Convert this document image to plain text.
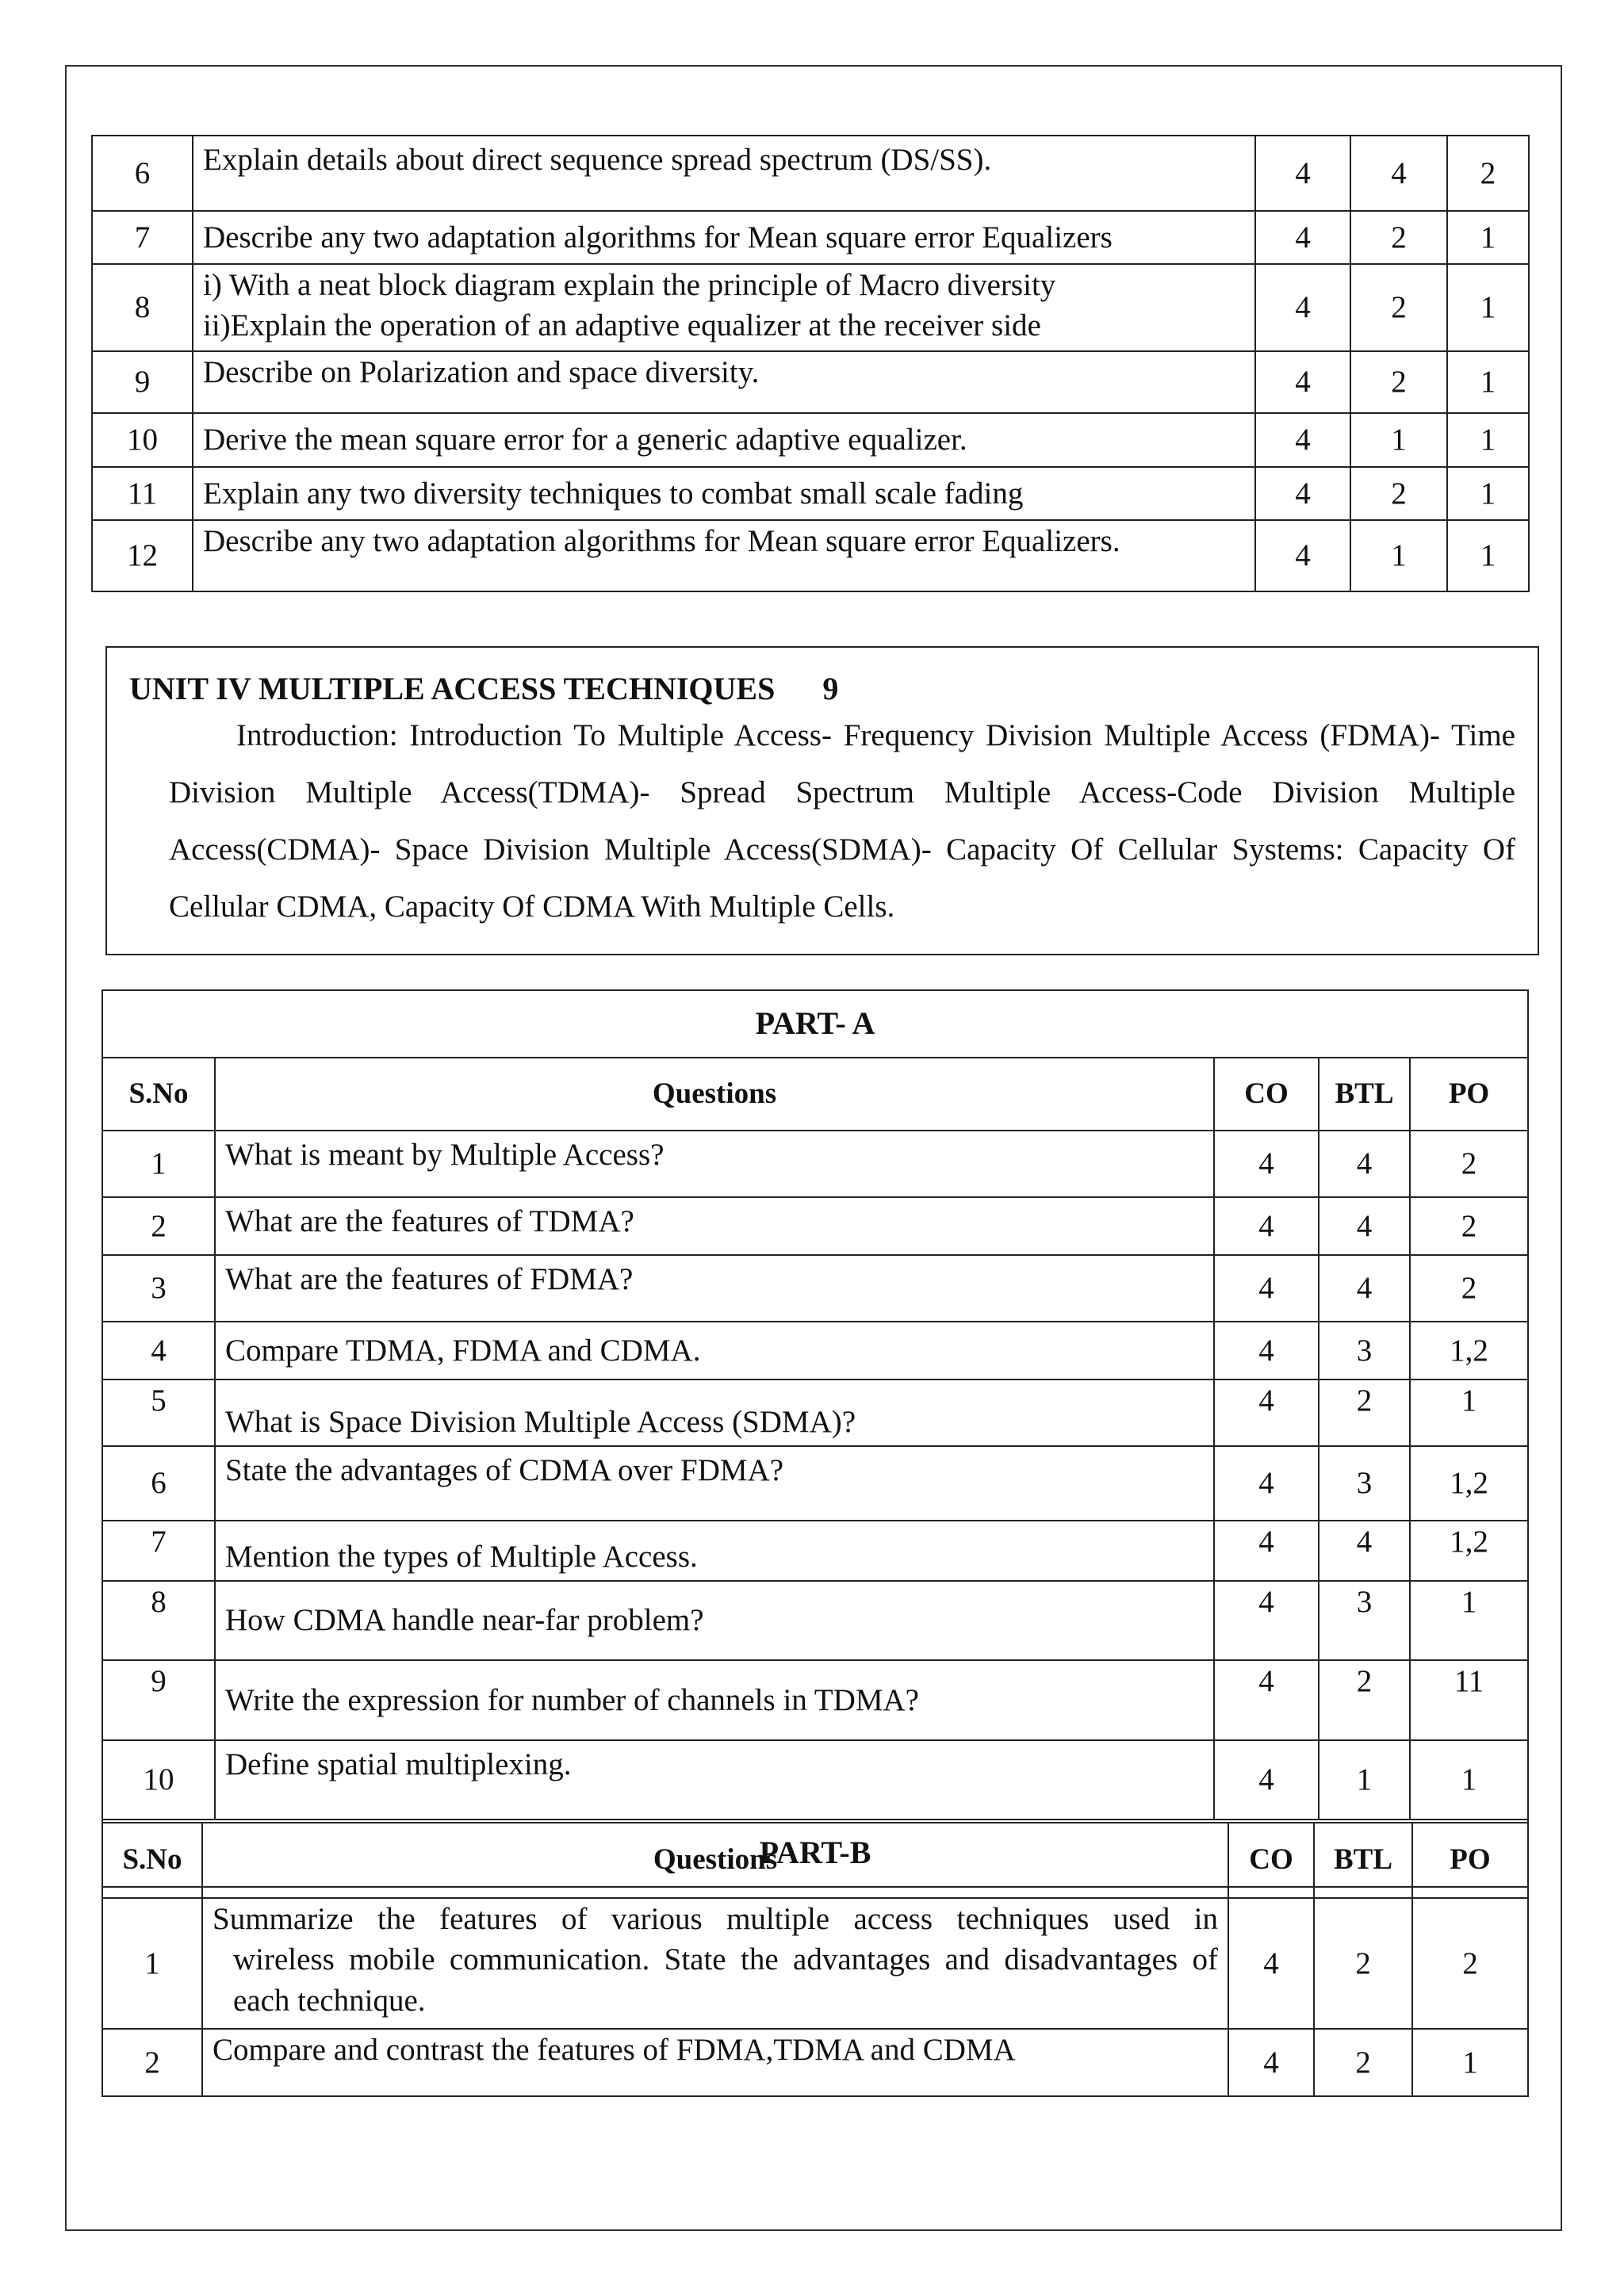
6	Explain details about direct sequence spread spectrum (DS/SS).	4	4	2
7	Describe any two adaptation algorithms for Mean square error Equalizers	4	2	1
8	i) With a neat block diagram explain the principle of Macro diversity
ii)Explain the operation of an adaptive equalizer at the receiver side	4	2	1
9	Describe on Polarization and space diversity.	4	2	1
10	Derive the mean square error for a generic adaptive equalizer.	4	1	1
11	Explain any two diversity techniques to combat small scale fading	4	2	1
12	Describe any two adaptation algorithms for Mean square error Equalizers.	4	1	1

UNIT IV MULTIPLE ACCESS TECHNIQUES 9

Introduction: Introduction To Multiple Access- Frequency Division Multiple Access (FDMA)- Time Division Multiple Access(TDMA)- Spread Spectrum Multiple Access-Code Division Multiple Access(CDMA)- Space Division Multiple Access(SDMA)- Capacity Of Cellular Systems: Capacity Of Cellular CDMA, Capacity Of CDMA With Multiple Cells.

PART- A				
S.No	Questions	CO	BTL	PO
1	What is meant by Multiple Access?	4	4	2
2	What are the features of TDMA?	4	4	2
3	What are the features of FDMA?	4	4	2
4	Compare TDMA, FDMA and CDMA.	4	3	1,2
5	What is Space Division Multiple Access (SDMA)?	4	2	1
6	State the advantages of CDMA over FDMA?	4	3	1,2
7	Mention the types of Multiple Access.	4	4	1,2
8	How CDMA handle near-far problem?	4	3	1
9	Write the expression for number of channels in TDMA?	4	2	11
10	Define spatial multiplexing.	4	1	1
PART-B				
S.No	Questions	CO	BTL	PO
1	Summarize the features of various multiple access techniques used in
wireless mobile communication. State the advantages and disadvantages of each technique.	4	2	2
2	Compare and contrast the features of FDMA,TDMA and CDMA	4	2	1
